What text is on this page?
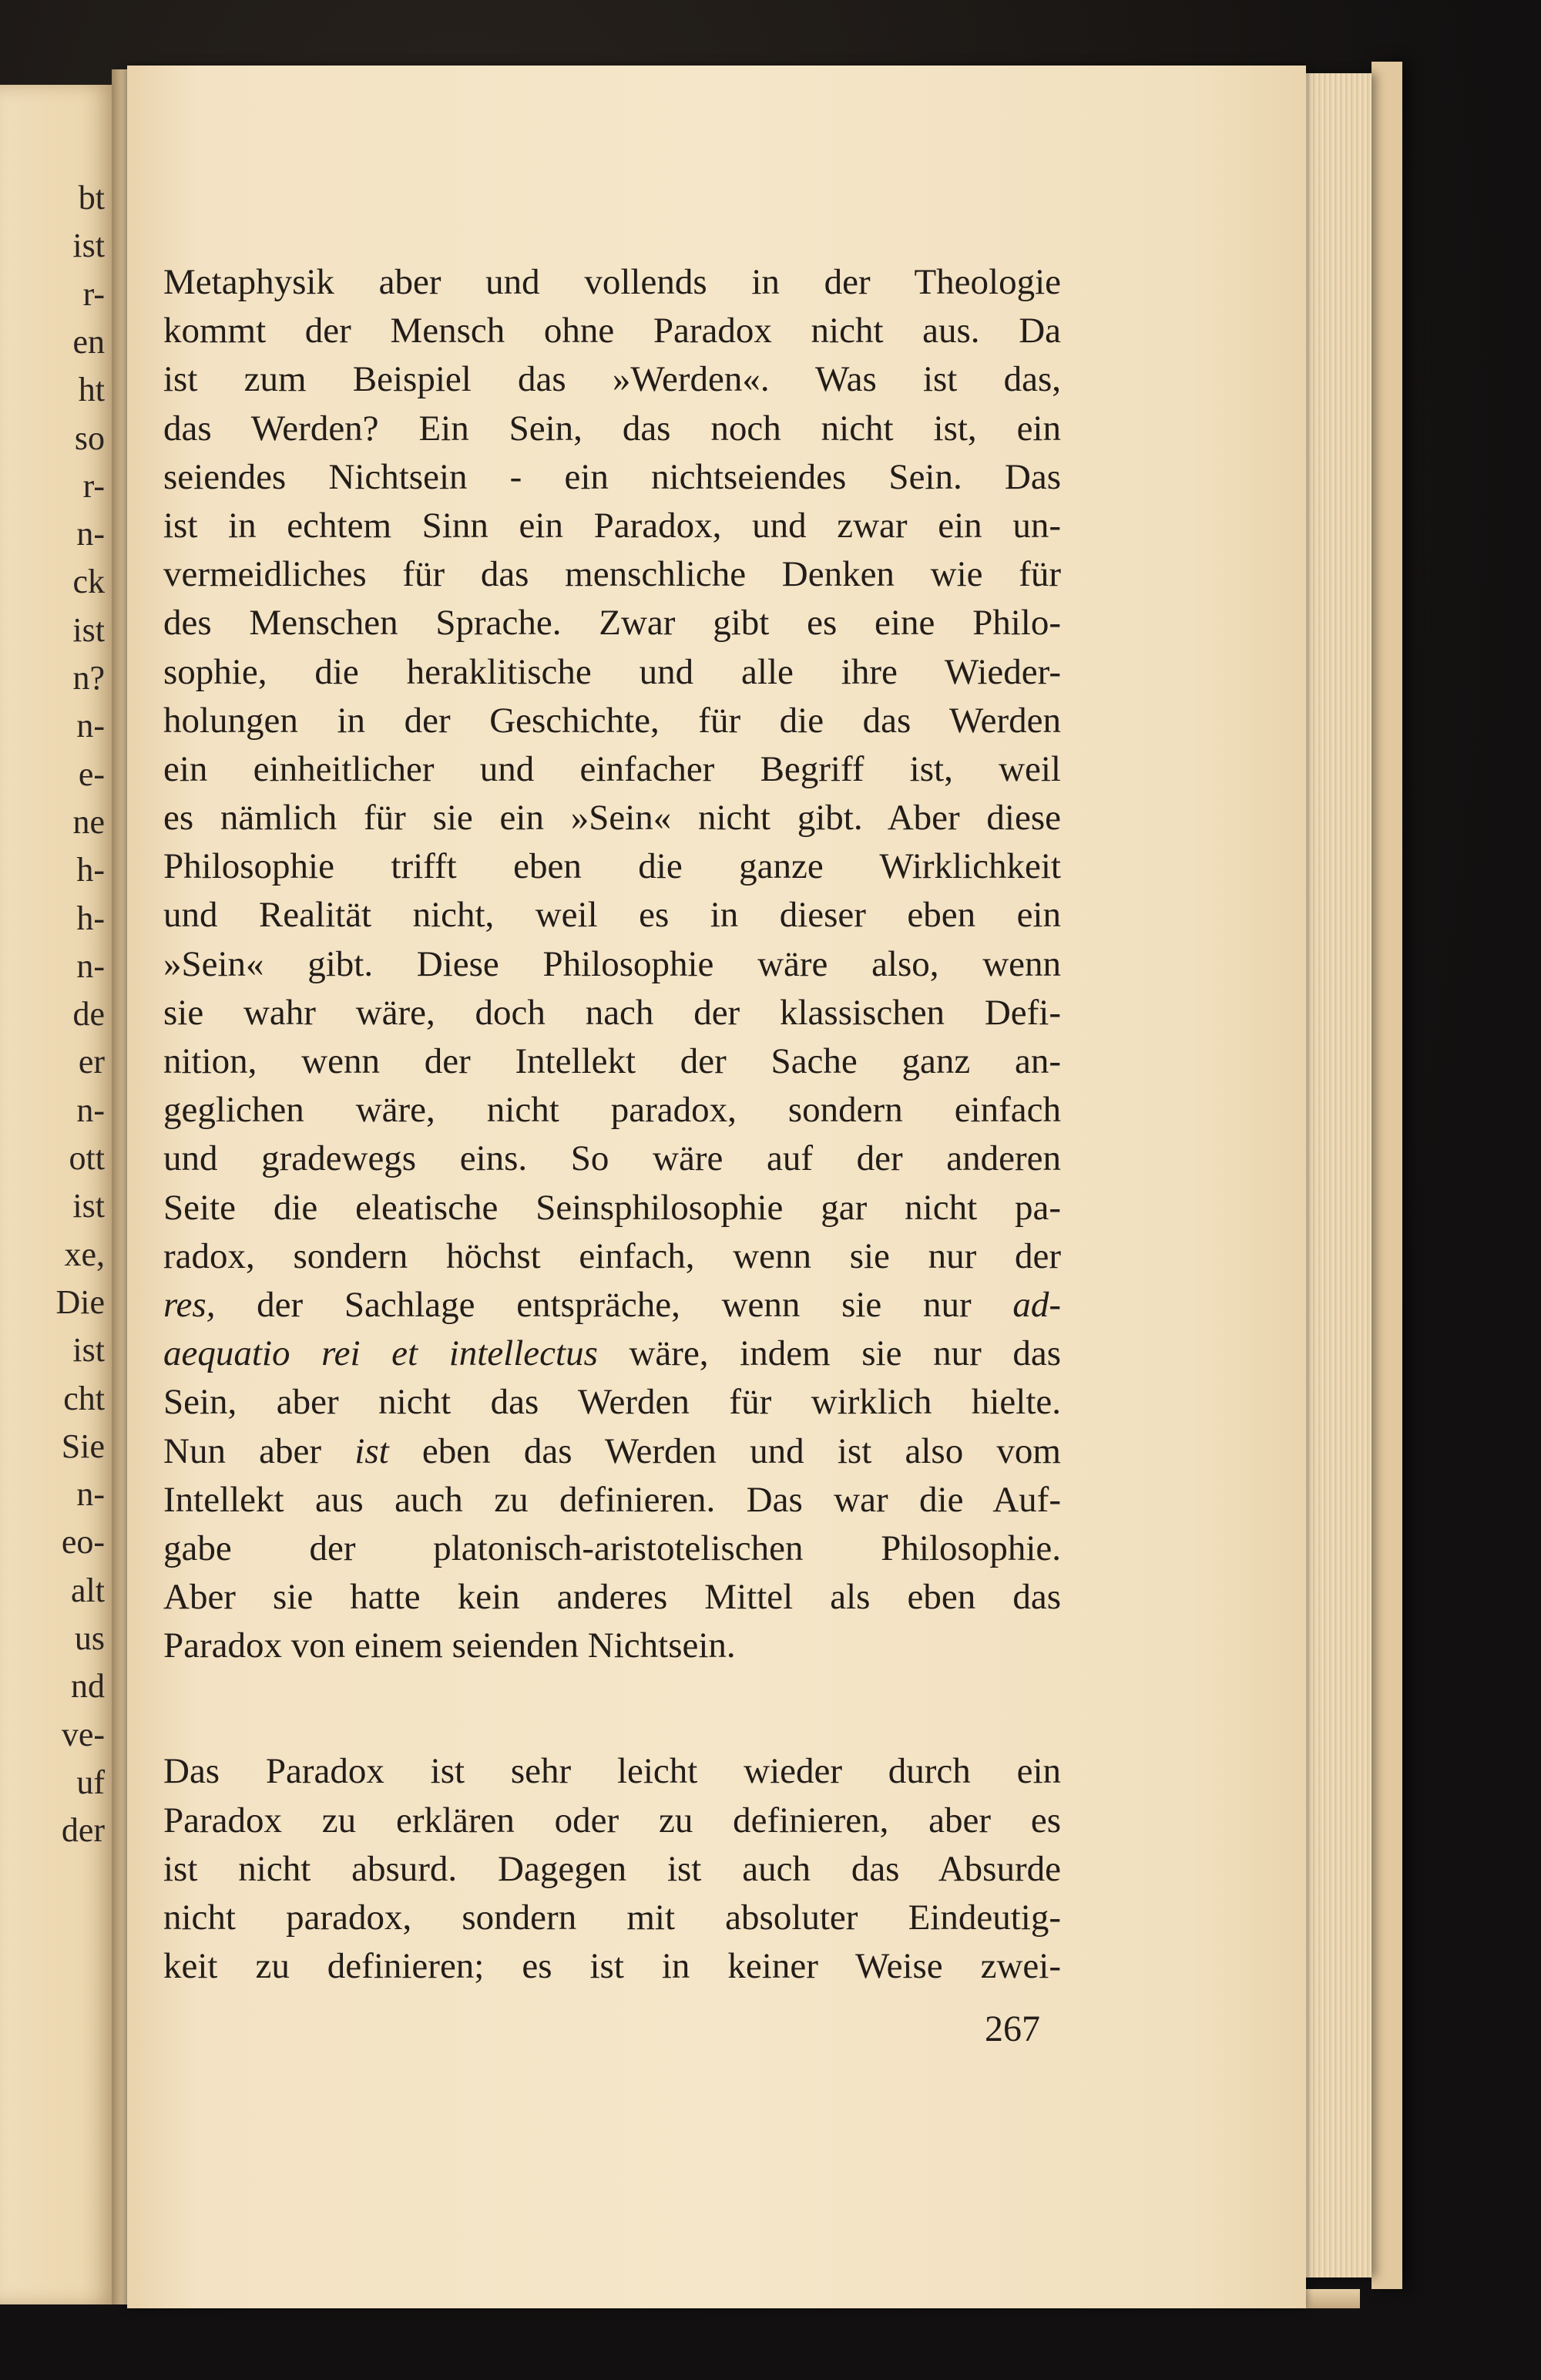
bt
ist
r-
en
ht
so
r-
n-
ck
ist
n?
n-
e-
ne
h-
h-
n-
de
er
n-
ott
ist
xe,
Die
ist
cht
Sie
n-
eo-
alt
us
nd
ve-
uf
der
Metaphysik aber und vollends in der Theologie
kommt der Mensch ohne Paradox nicht aus. Da
ist zum Beispiel das »Werden«. Was ist das,
das Werden? Ein Sein, das noch nicht ist, ein
seiendes Nichtsein - ein nichtseiendes Sein. Das
ist in echtem Sinn ein Paradox, und zwar ein un-
vermeidliches für das menschliche Denken wie für
des Menschen Sprache. Zwar gibt es eine Philo-
sophie, die heraklitische und alle ihre Wieder-
holungen in der Geschichte, für die das Werden
ein einheitlicher und einfacher Begriff ist, weil
es nämlich für sie ein »Sein« nicht gibt. Aber diese
Philosophie trifft eben die ganze Wirklichkeit
und Realität nicht, weil es in dieser eben ein
»Sein« gibt. Diese Philosophie wäre also, wenn
sie wahr wäre, doch nach der klassischen Defi-
nition, wenn der Intellekt der Sache ganz an-
geglichen wäre, nicht paradox, sondern einfach
und gradewegs eins. So wäre auf der anderen
Seite die eleatische Seinsphilosophie gar nicht pa-
radox, sondern höchst einfach, wenn sie nur der
res, der Sachlage entspräche, wenn sie nur ad-
aequatio rei et intellectus wäre, indem sie nur das
Sein, aber nicht das Werden für wirklich hielte.
Nun aber ist eben das Werden und ist also vom
Intellekt aus auch zu definieren. Das war die Auf-
gabe der platonisch-aristotelischen Philosophie.
Aber sie hatte kein anderes Mittel als eben das
Paradox von einem seienden Nichtsein.
Das Paradox ist sehr leicht wieder durch ein
Paradox zu erklären oder zu definieren, aber es
ist nicht absurd. Dagegen ist auch das Absurde
nicht paradox, sondern mit absoluter Eindeutig-
keit zu definieren; es ist in keiner Weise zwei-
267
